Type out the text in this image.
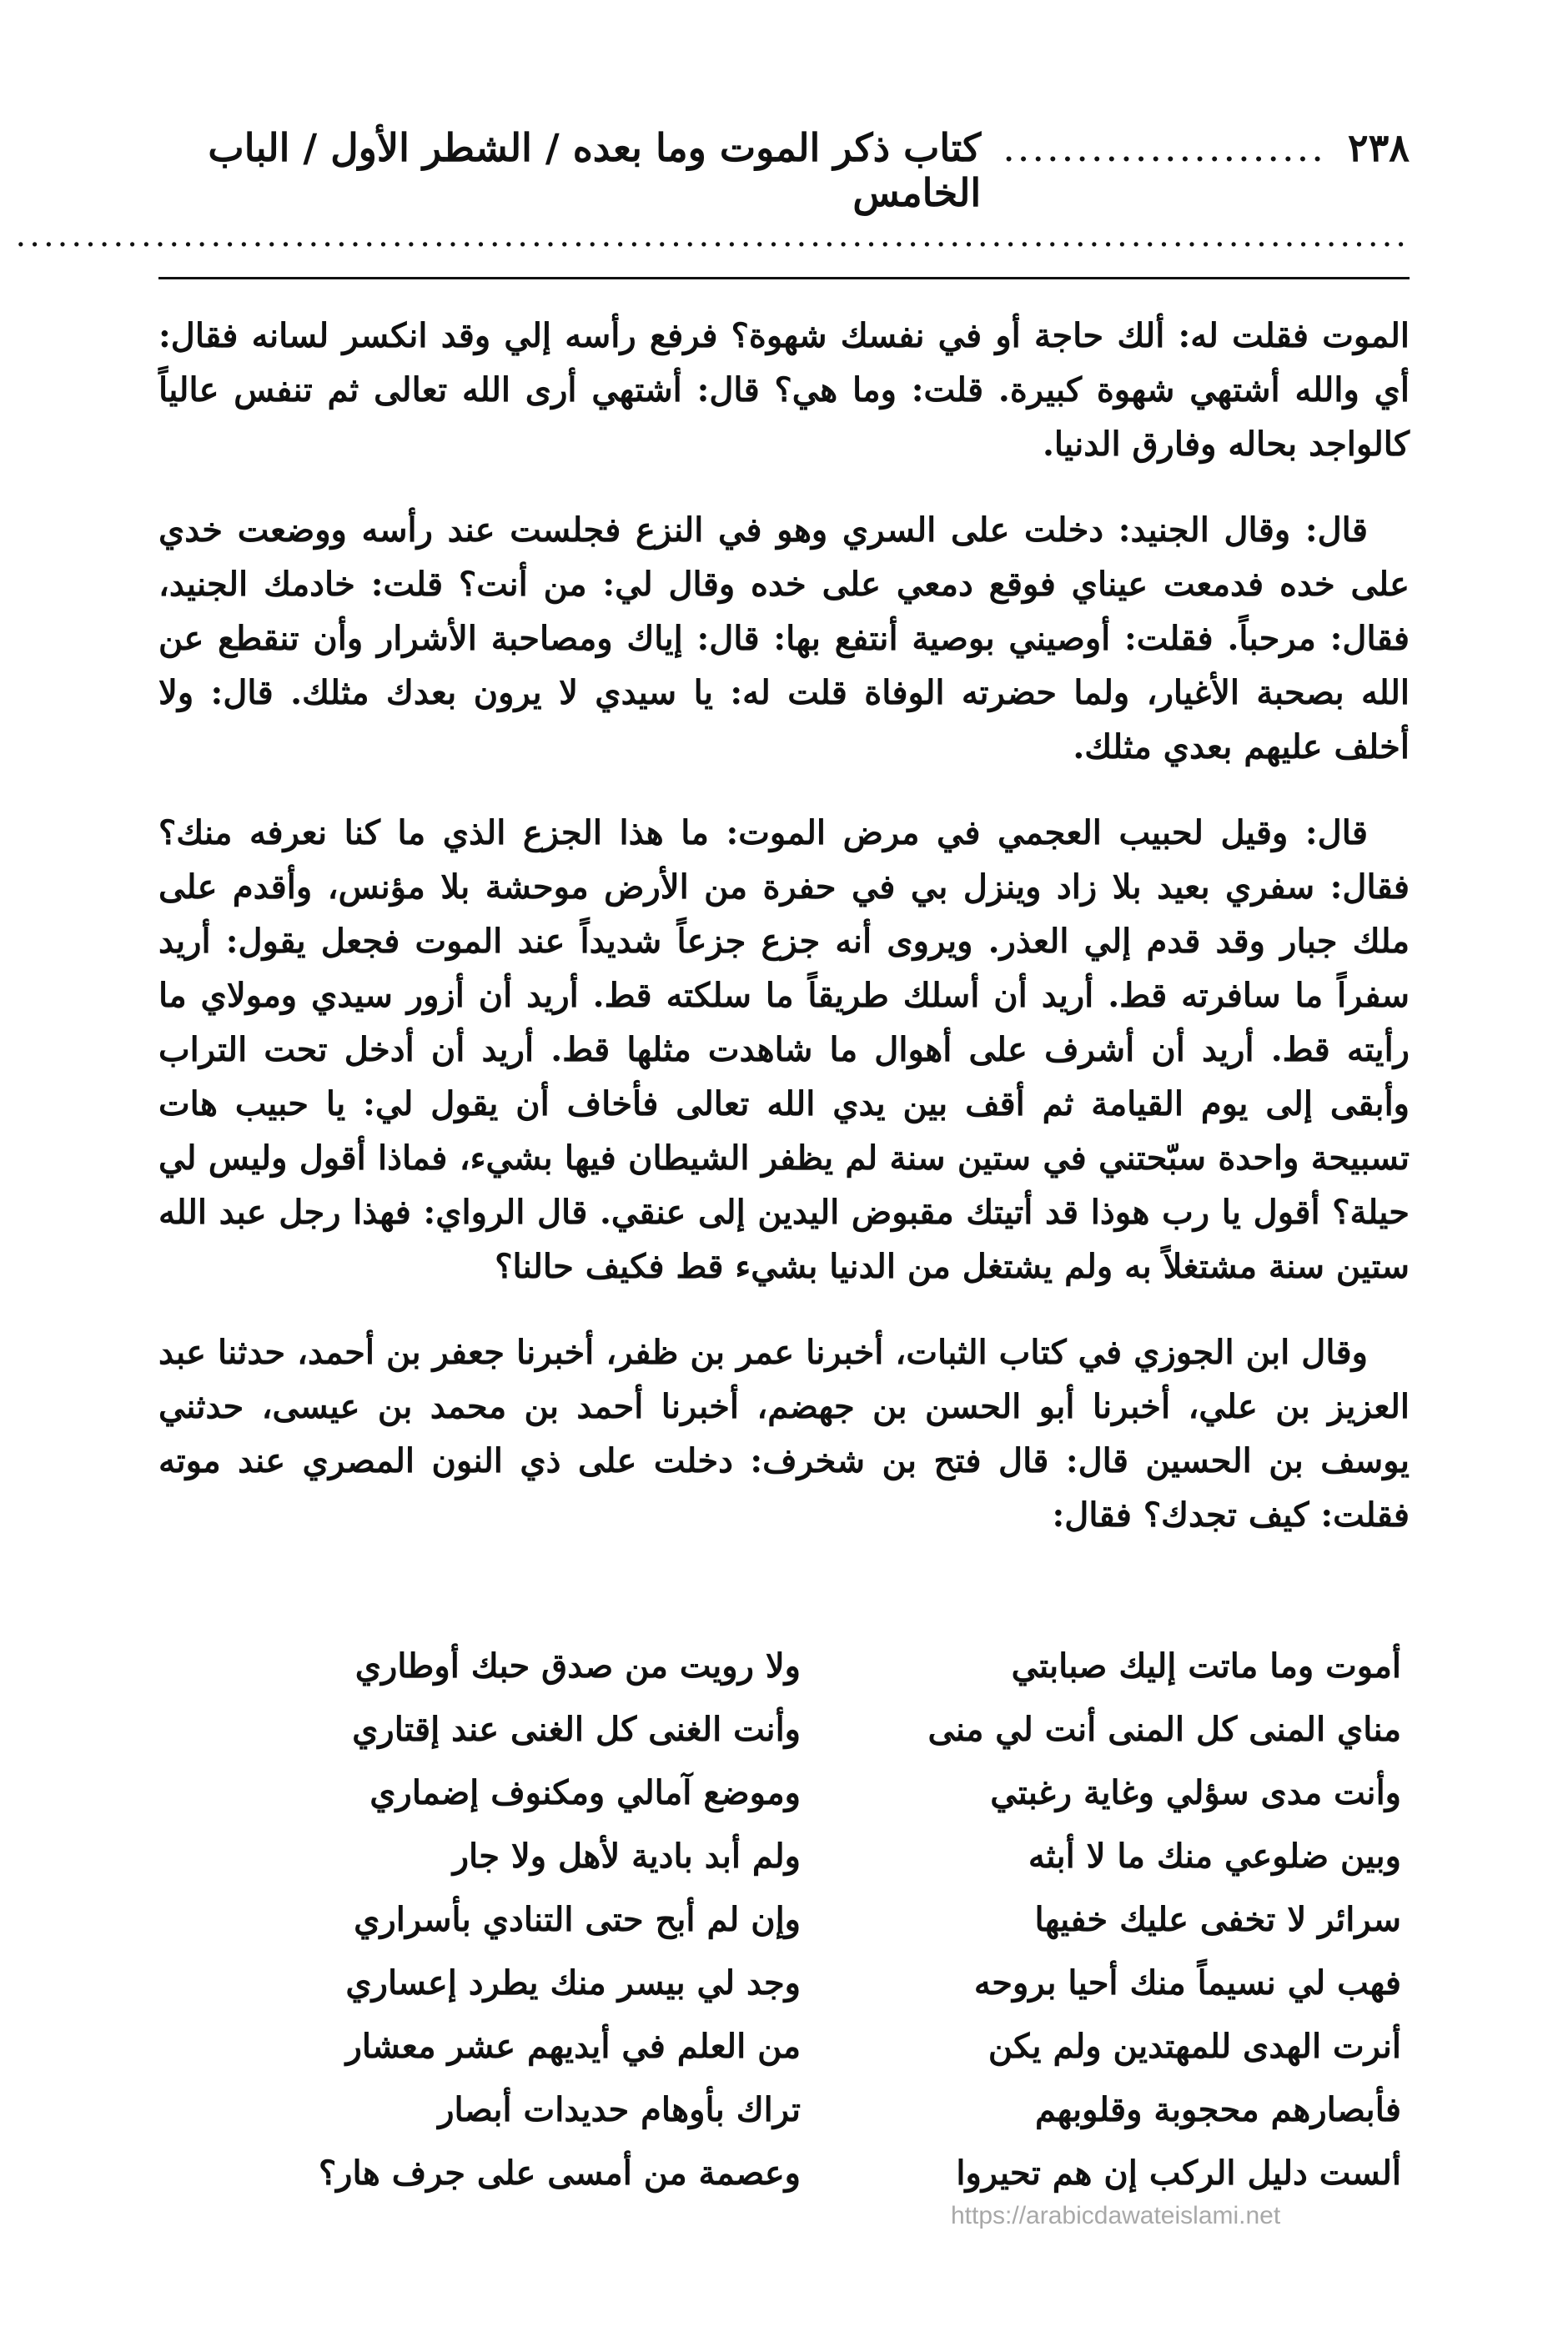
٢٣٨
......................
كتاب ذكر الموت وما بعده / الشطر الأول / الباب الخامس
....................................................................................................

الموت فقلت له: ألك حاجة أو في نفسك شهوة؟ فرفع رأسه إلي وقد انكسر لسانه فقال: أي والله أشتهي شهوة كبيرة. قلت: وما هي؟ قال: أشتهي أرى الله تعالى ثم تنفس عالياً كالواجد بحاله وفارق الدنيا.

قال: وقال الجنيد: دخلت على السري وهو في النزع فجلست عند رأسه ووضعت خدي على خده فدمعت عيناي فوقع دمعي على خده وقال لي: من أنت؟ قلت: خادمك الجنيد، فقال: مرحباً. فقلت: أوصيني بوصية أنتفع بها: قال: إياك ومصاحبة الأشرار وأن تنقطع عن الله بصحبة الأغيار، ولما حضرته الوفاة قلت له: يا سيدي لا يرون بعدك مثلك. قال: ولا أخلف عليهم بعدي مثلك.

قال: وقيل لحبيب العجمي في مرض الموت: ما هذا الجزع الذي ما كنا نعرفه منك؟ فقال: سفري بعيد بلا زاد وينزل بي في حفرة من الأرض موحشة بلا مؤنس، وأقدم على ملك جبار وقد قدم إلي العذر. ويروى أنه جزع جزعاً شديداً عند الموت فجعل يقول: أريد سفراً ما سافرته قط. أريد أن أسلك طريقاً ما سلكته قط. أريد أن أزور سيدي ومولاي ما رأيته قط. أريد أن أشرف على أهوال ما شاهدت مثلها قط. أريد أن أدخل تحت التراب وأبقى إلى يوم القيامة ثم أقف بين يدي الله تعالى فأخاف أن يقول لي: يا حبيب هات تسبيحة واحدة سبّحتني في ستين سنة لم يظفر الشيطان فيها بشيء، فماذا أقول وليس لي حيلة؟ أقول يا رب هوذا قد أتيتك مقبوض اليدين إلى عنقي. قال الرواي: فهذا رجل عبد الله ستين سنة مشتغلاً به ولم يشتغل من الدنيا بشيء قط فكيف حالنا؟

وقال ابن الجوزي في كتاب الثبات، أخبرنا عمر بن ظفر، أخبرنا جعفر بن أحمد، حدثنا عبد العزيز بن علي، أخبرنا أبو الحسن بن جهضم، أخبرنا أحمد بن محمد بن عيسى، حدثني يوسف بن الحسين قال: قال فتح بن شخرف: دخلت على ذي النون المصري عند موته فقلت: كيف تجدك؟ فقال:

أموت وما ماتت إليك صبابتي
ولا رويت من صدق حبك أوطاري
مناي المنى كل المنى أنت لي منى
وأنت الغنى كل الغنى عند إقتاري
وأنت مدى سؤلي وغاية رغبتي
وموضع آمالي ومكنوف إضماري
وبين ضلوعي منك ما لا أبثه
ولم أبد بادية لأهل ولا جار
سرائر لا تخفى عليك خفيها
وإن لم أبح حتى التنادي بأسراري
فهب لي نسيماً منك أحيا بروحه
وجد لي بيسر منك يطرد إعساري
أنرت الهدى للمهتدين ولم يكن
من العلم في أيديهم عشر معشار
فأبصارهم محجوبة وقلوبهم
تراك بأوهام حديدات أبصار
ألست دليل الركب إن هم تحيروا
وعصمة من أمسى على جرف هار؟
https://arabicdawateislami.net
